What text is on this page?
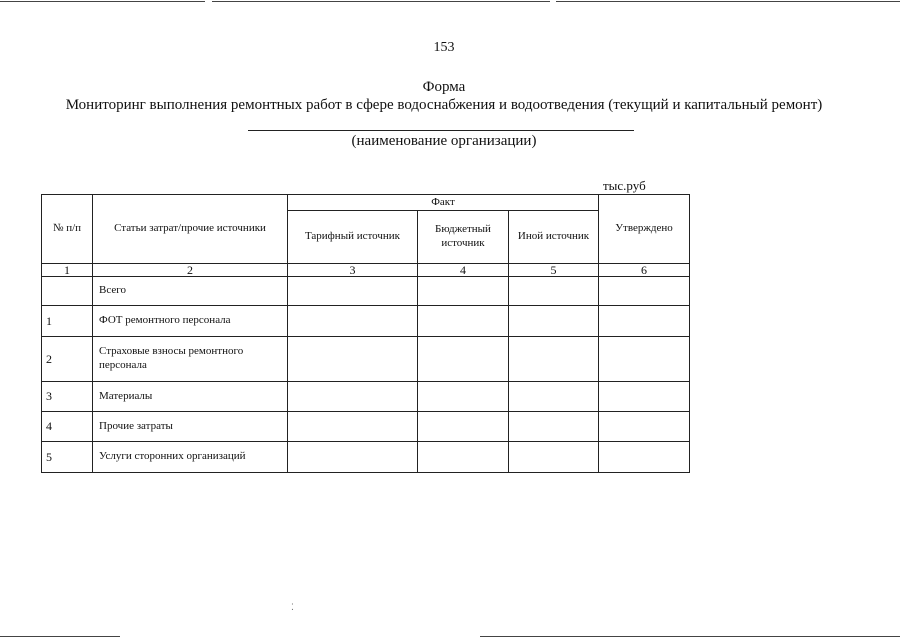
153
Форма
Мониторинг выполнения ремонтных работ в сфере водоснабжения и водоотведения (текущий и капитальный ремонт)
(наименование организации)
тыс.руб
№ п/п	Статьи затрат/прочие источники	Факт			Утверждено
		Тарифный источник	Бюджетный источник	Иной источник	
1	2	3	4	5	6
	Всего				
1	ФОТ ремонтного персонала				
2	Страховые взносы ремонтного персонала				
3	Материалы				
4	Прочие затраты				
5	Услуги сторонних организаций				
⁚
